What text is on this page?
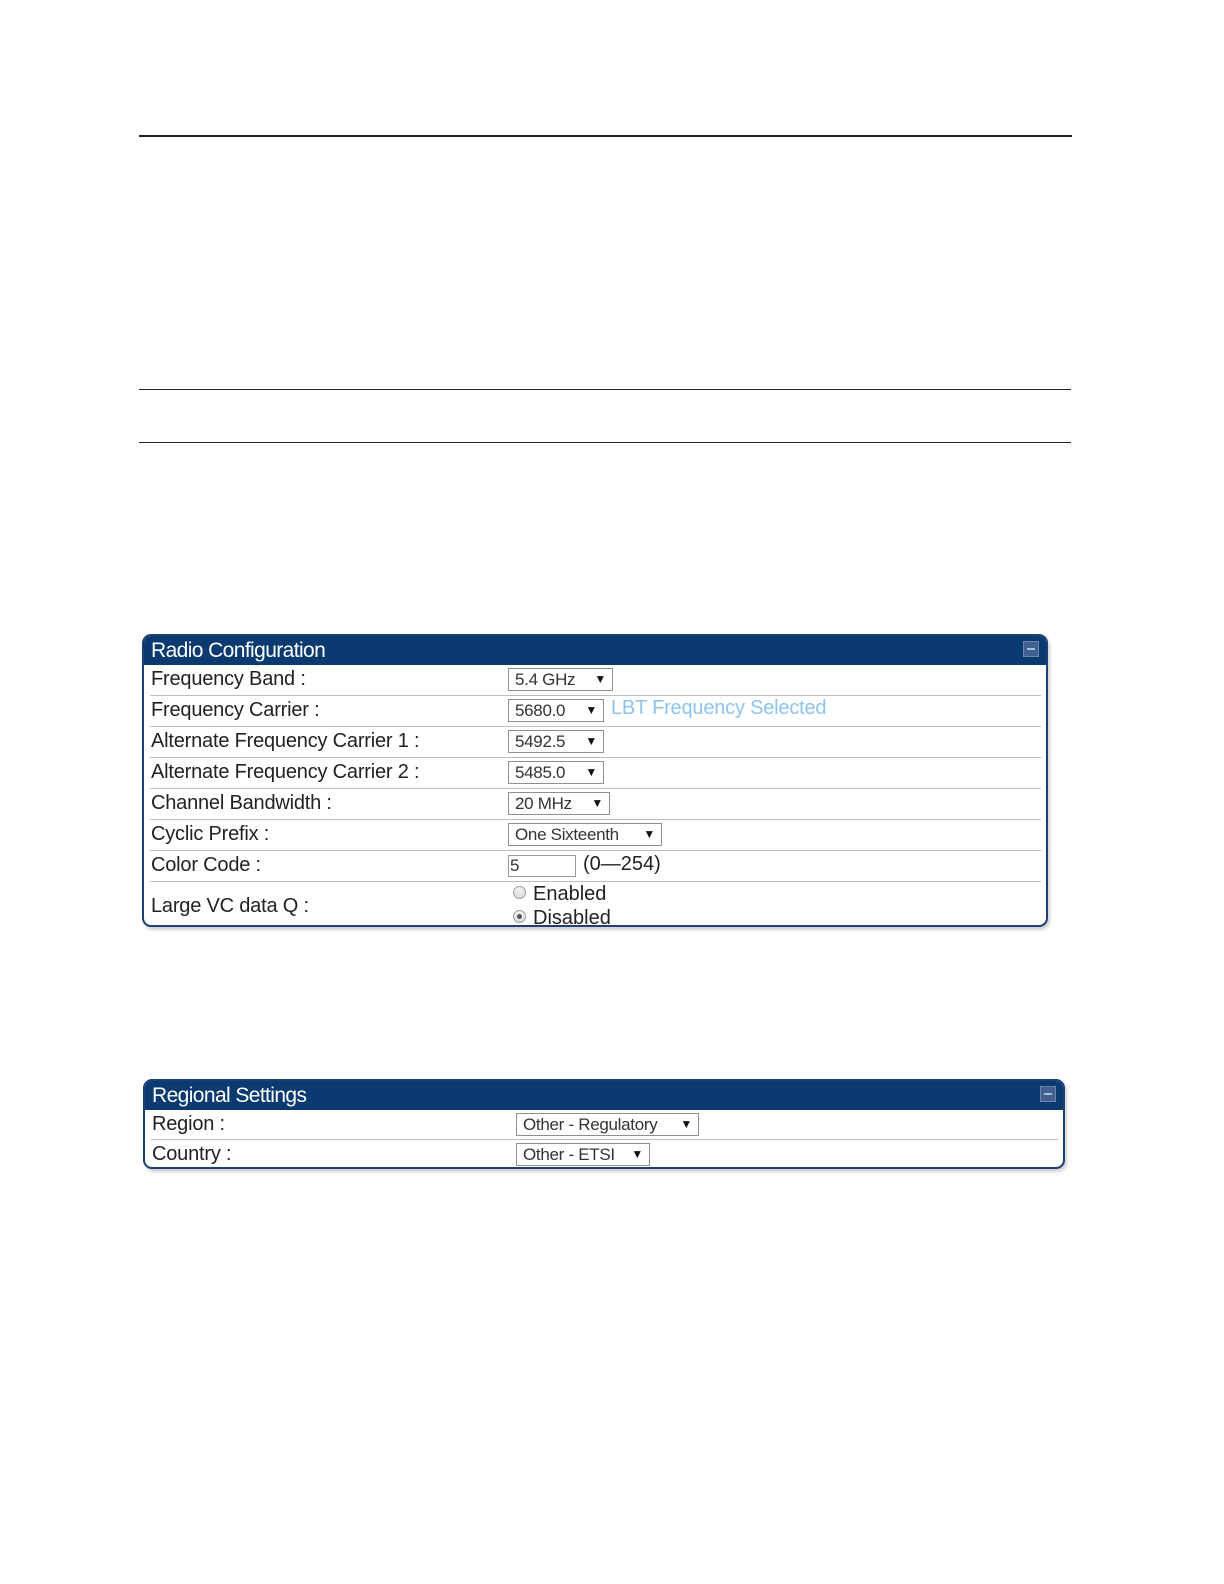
Radio Configuration
Frequency Band :	5.4 GHz ▼
Frequency Carrier :	5680.0 ▼ LBT Frequency Selected
Alternate Frequency Carrier 1 :	5492.5 ▼
Alternate Frequency Carrier 2 :	5485.0 ▼
Channel Bandwidth :	20 MHz ▼
Cyclic Prefix :	One Sixteenth ▼
Color Code :	5	(0—254)
Large VC data Q :
Enabled
Disabled
Regional Settings
Region :	Other - Regulatory ▼
Country :	Other - ETSI ▼
